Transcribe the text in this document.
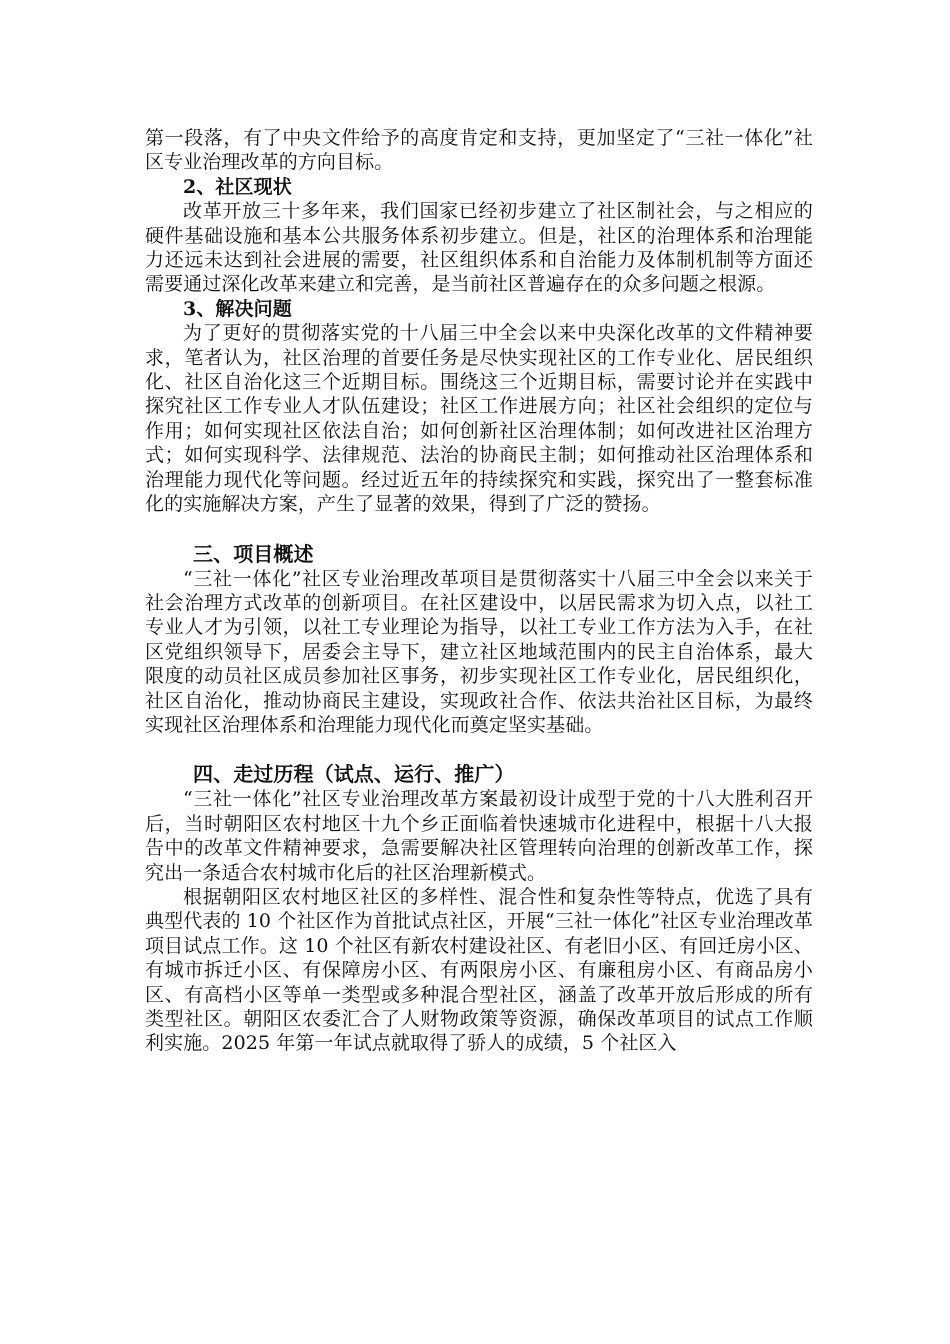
第一段落，有了中央文件给予的高度肯定和支持，更加坚定了“三社一体化”社区专业治理改革的方向目标。

2、社区现状

改革开放三十多年来，我们国家已经初步建立了社区制社会，与之相应的硬件基础设施和基本公共服务体系初步建立。但是，社区的治理体系和治理能力还远未达到社会进展的需要，社区组织体系和自治能力及体制机制等方面还需要通过深化改革来建立和完善，是当前社区普遍存在的众多问题之根源。

3、解决问题

为了更好的贯彻落实党的十八届三中全会以来中央深化改革的文件精神要求，笔者认为，社区治理的首要任务是尽快实现社区的工作专业化、居民组织化、社区自治化这三个近期目标。围绕这三个近期目标，需要讨论并在实践中探究社区工作专业人才队伍建设；社区工作进展方向；社区社会组织的定位与作用；如何实现社区依法自治；如何创新社区治理体制；如何改进社区治理方式；如何实现科学、法律规范、法治的协商民主制；如何推动社区治理体系和治理能力现代化等问题。经过近五年的持续探究和实践，探究出了一整套标准化的实施解决方案，产生了显著的效果，得到了广泛的赞扬。

三、项目概述

“三社一体化”社区专业治理改革项目是贯彻落实十八届三中全会以来关于社会治理方式改革的创新项目。在社区建设中，以居民需求为切入点，以社工专业人才为引领，以社工专业理论为指导，以社工专业工作方法为入手，在社区党组织领导下，居委会主导下，建立社区地域范围内的民主自治体系，最大限度的动员社区成员参加社区事务，初步实现社区工作专业化，居民组织化，社区自治化，推动协商民主建设，实现政社合作、依法共治社区目标，为最终实现社区治理体系和治理能力现代化而奠定坚实基础。

四、走过历程（试点、运行、推广）

“三社一体化”社区专业治理改革方案最初设计成型于党的十八大胜利召开后，当时朝阳区农村地区十九个乡正面临着快速城市化进程中，根据十八大报告中的改革文件精神要求，急需要解决社区管理转向治理的创新改革工作，探究出一条适合农村城市化后的社区治理新模式。

根据朝阳区农村地区社区的多样性、混合性和复杂性等特点，优选了具有典型代表的 10 个社区作为首批试点社区，开展“三社一体化”社区专业治理改革项目试点工作。这 10 个社区有新农村建设社区、有老旧小区、有回迁房小区、有城市拆迁小区、有保障房小区、有两限房小区、有廉租房小区、有商品房小区、有高档小区等单一类型或多种混合型社区，涵盖了改革开放后形成的所有类型社区。朝阳区农委汇合了人财物政策等资源，确保改革项目的试点工作顺利实施。2025 年第一年试点就取得了骄人的成绩，5 个社区入
